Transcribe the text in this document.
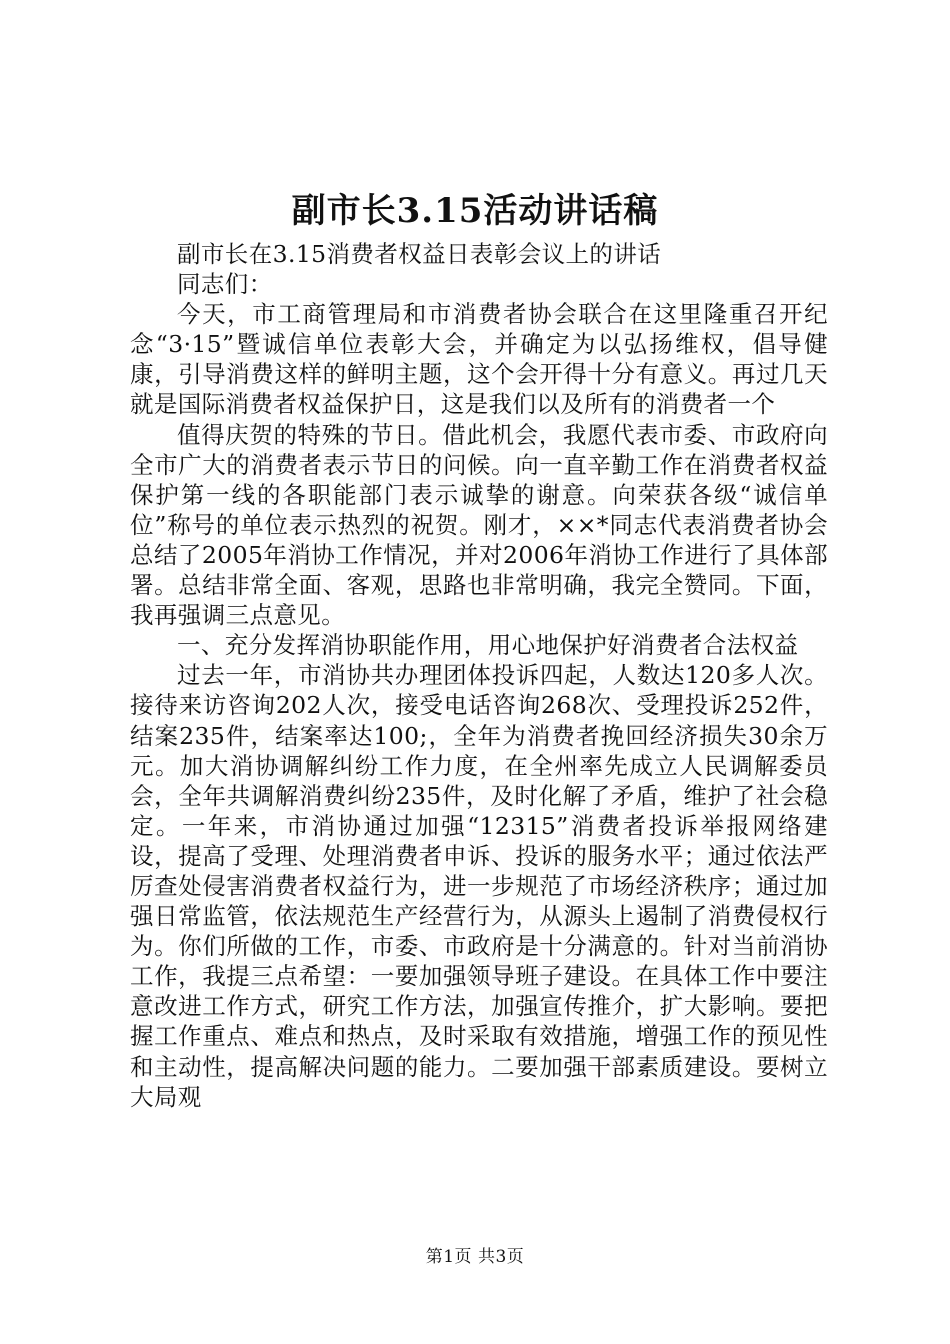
副市长3.15活动讲话稿

副市长在3.15消费者权益日表彰会议上的讲话

同志们：

今天，市工商管理局和市消费者协会联合在这里隆重召开纪念“3·15”暨诚信单位表彰大会，并确定为以弘扬维权，倡导健康，引导消费这样的鲜明主题，这个会开得十分有意义。再过几天就是国际消费者权益保护日，这是我们以及所有的消费者一个

值得庆贺的特殊的节日。借此机会，我愿代表市委、市政府向全市广大的消费者表示节日的问候。向一直辛勤工作在消费者权益保护第一线的各职能部门表示诚挚的谢意。向荣获各级“诚信单位”称号的单位表示热烈的祝贺。刚才，××*同志代表消费者协会总结了2005年消协工作情况，并对2006年消协工作进行了具体部署。总结非常全面、客观，思路也非常明确，我完全赞同。下面，我再强调三点意见。

一、充分发挥消协职能作用，用心地保护好消费者合法权益

过去一年，市消协共办理团体投诉四起，人数达120多人次。接待来访咨询202人次，接受电话咨询268次、受理投诉252件，结案235件，结案率达100;，全年为消费者挽回经济损失30余万元。加大消协调解纠纷工作力度，在全州率先成立人民调解委员会，全年共调解消费纠纷235件，及时化解了矛盾，维护了社会稳定。一年来，市消协通过加强“12315”消费者投诉举报网络建设，提高了受理、处理消费者申诉、投诉的服务水平；通过依法严厉查处侵害消费者权益行为，进一步规范了市场经济秩序；通过加强日常监管，依法规范生产经营行为，从源头上遏制了消费侵权行为。你们所做的工作，市委、市政府是十分满意的。针对当前消协工作，我提三点希望：一要加强领导班子建设。在具体工作中要注意改进工作方式，研究工作方法，加强宣传推介，扩大影响。要把握工作重点、难点和热点，及时采取有效措施，增强工作的预见性和主动性，提高解决问题的能力。二要加强干部素质建设。要树立大局观

第1页 共3页
